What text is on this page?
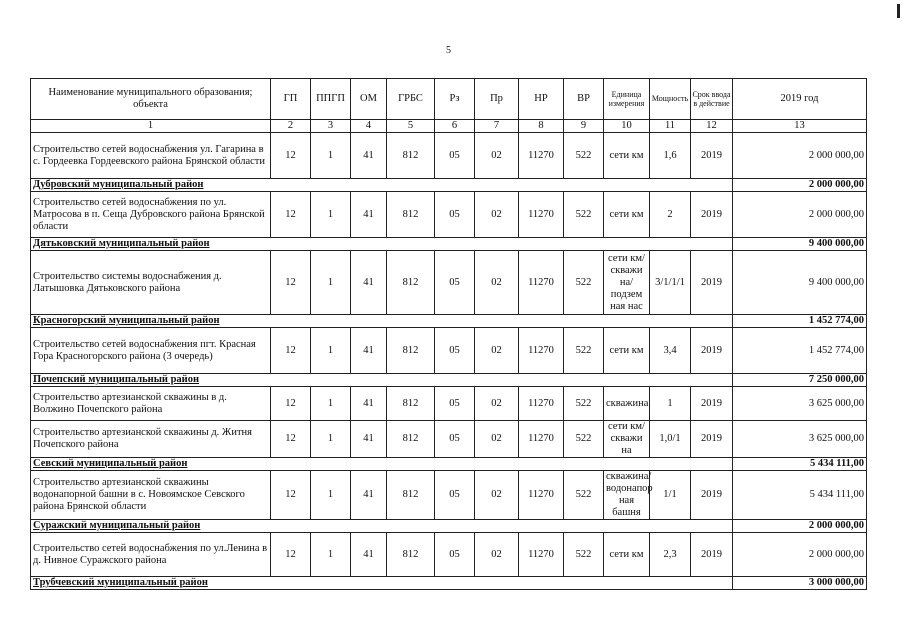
5
Наименование муниципального образования; объекта	ГП	ППГП	ОМ	ГРБС	Рз	Пр	НР	ВР	Единица измерения	Мощность	Срок ввода в действие	2019 год
1	2	3	4	5	6	7	8	9	10	11	12	13
Строительство сетей водоснабжения ул. Гагарина в с. Гордеевка Гордеевского района Брянской области	12	1	41	812	05	02	11270	522	сети км	1,6	2019	2 000 000,00
Дубровский муниципальный район												2 000 000,00
Строительство сетей водоснабжения по ул. Матросова в п. Сеща Дубровского района Брянской области	12	1	41	812	05	02	11270	522	сети км	2	2019	2 000 000,00
Дятьковский муниципальный район												9 400 000,00
Строительство системы водоснабжения д. Латышовка Дятьковского района	12	1	41	812	05	02	11270	522	сети км/скважи на/подзем ная нас	3/1/1/1	2019	9 400 000,00
Красногорский муниципальный район												1 452 774,00
Строительство сетей водоснабжения пгт. Красная Гора Красногорского района (3 очередь)	12	1	41	812	05	02	11270	522	сети км	3,4	2019	1 452 774,00
Почепский муниципальный район												7 250 000,00
Строительство артезианской скважины в д. Волжино Почепского района	12	1	41	812	05	02	11270	522	скважина	1	2019	3 625 000,00
Строительство артезианской скважины д. Житня Почепского района	12	1	41	812	05	02	11270	522	сети км/скважи на	1,0/1	2019	3 625 000,00
Севский муниципальный район												5 434 111,00
Строительство артезианской скважины водонапорной башни в с. Новоямское Севского района Брянской области	12	1	41	812	05	02	11270	522	скважина/ водонапор ная башня	1/1	2019	5 434 111,00
Суражский муниципальный район												2 000 000,00
Строительство сетей водоснабжения по ул.Ленина в д. Нивное Суражского района	12	1	41	812	05	02	11270	522	сети км	2,3	2019	2 000 000,00
Трубчевский муниципальный район												3 000 000,00
